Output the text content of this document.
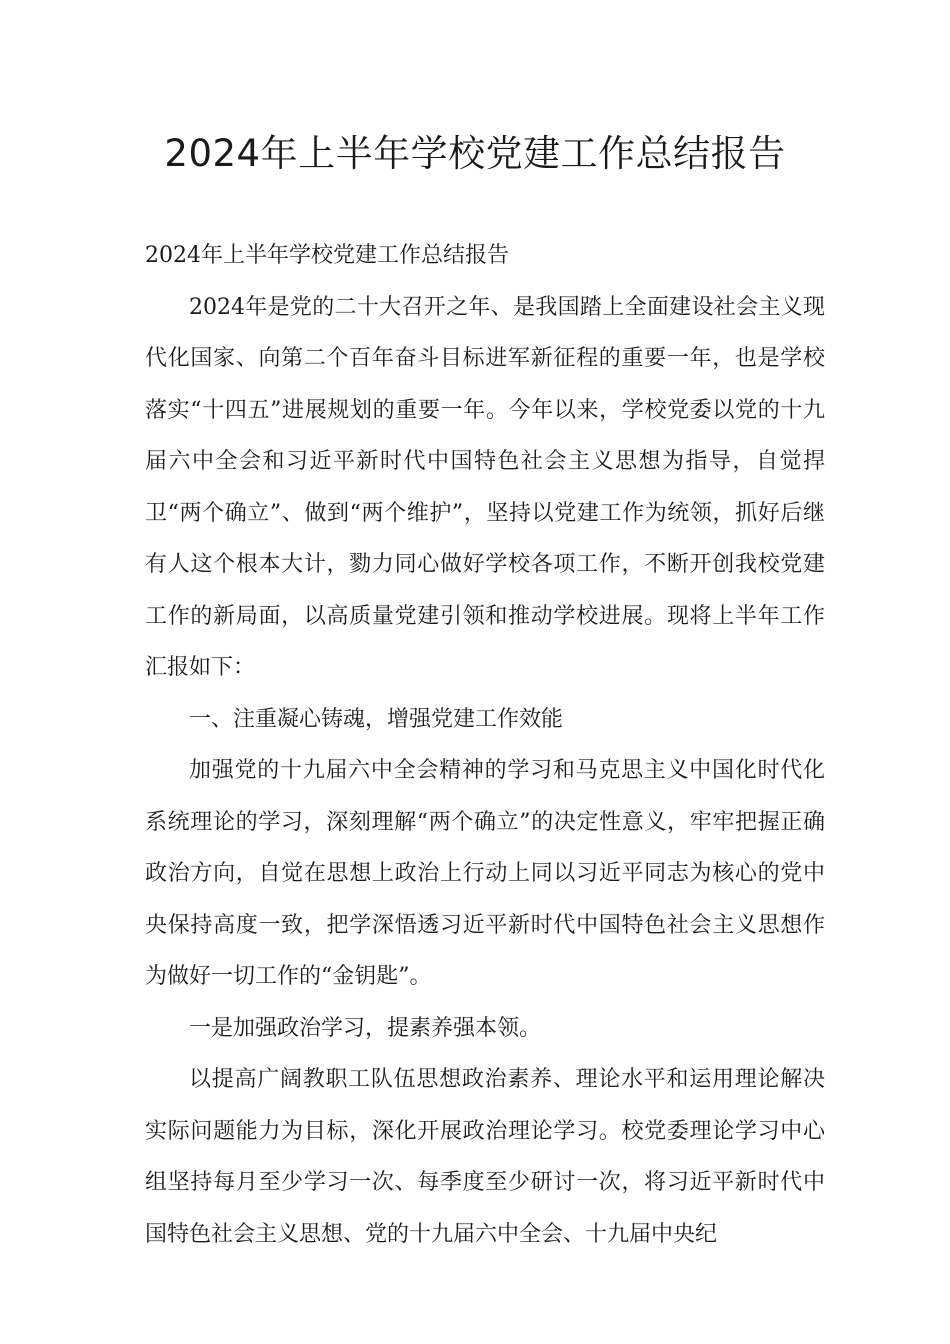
2024年上半年学校党建工作总结报告

2024年上半年学校党建工作总结报告

2024年是党的二十大召开之年、是我国踏上全面建设社会主义现代化国家、向第二个百年奋斗目标进军新征程的重要一年，也是学校落实“十四五”进展规划的重要一年。今年以来，学校党委以党的十九届六中全会和习近平新时代中国特色社会主义思想为指导，自觉捍卫“两个确立”、做到“两个维护”，坚持以党建工作为统领，抓好后继有人这个根本大计，勠力同心做好学校各项工作，不断开创我校党建工作的新局面，以高质量党建引领和推动学校进展。现将上半年工作汇报如下：

一、注重凝心铸魂，增强党建工作效能

加强党的十九届六中全会精神的学习和马克思主义中国化时代化系统理论的学习，深刻理解“两个确立”的决定性意义，牢牢把握正确政治方向，自觉在思想上政治上行动上同以习近平同志为核心的党中央保持高度一致，把学深悟透习近平新时代中国特色社会主义思想作为做好一切工作的“金钥匙”。

一是加强政治学习，提素养强本领。

以提高广阔教职工队伍思想政治素养、理论水平和运用理论解决实际问题能力为目标，深化开展政治理论学习。校党委理论学习中心组坚持每月至少学习一次、每季度至少研讨一次，将习近平新时代中国特色社会主义思想、党的十九届六中全会、十九届中央纪
